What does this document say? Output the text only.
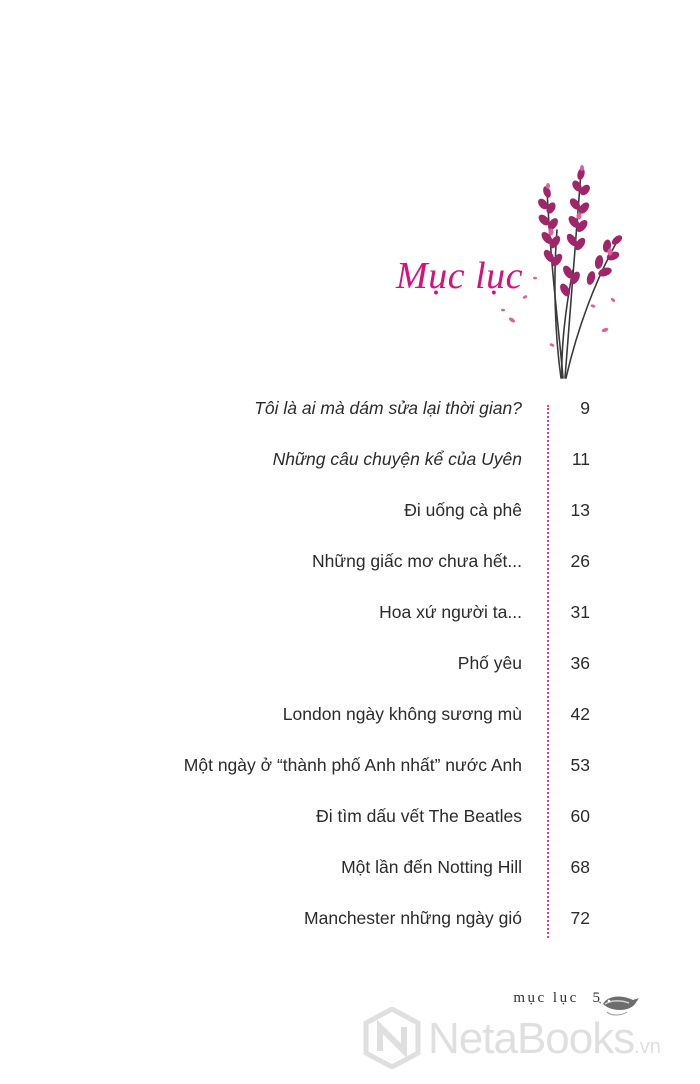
Mục lục
Tôi là ai mà dám sửa lại thời gian?	9
Những câu chuyện kể của Uyên	11
Đi uống cà phê	13
Những giấc mơ chưa hết...	26
Hoa xứ người ta...	31
Phố yêu	36
London ngày không sương mù	42
Một ngày ở “thành phố Anh nhất” nước Anh	53
Đi tìm dấu vết The Beatles	60
Một lần đến Notting Hill	68
Manchester những ngày gió	72
mục lục 5
NetaBooks.vn
